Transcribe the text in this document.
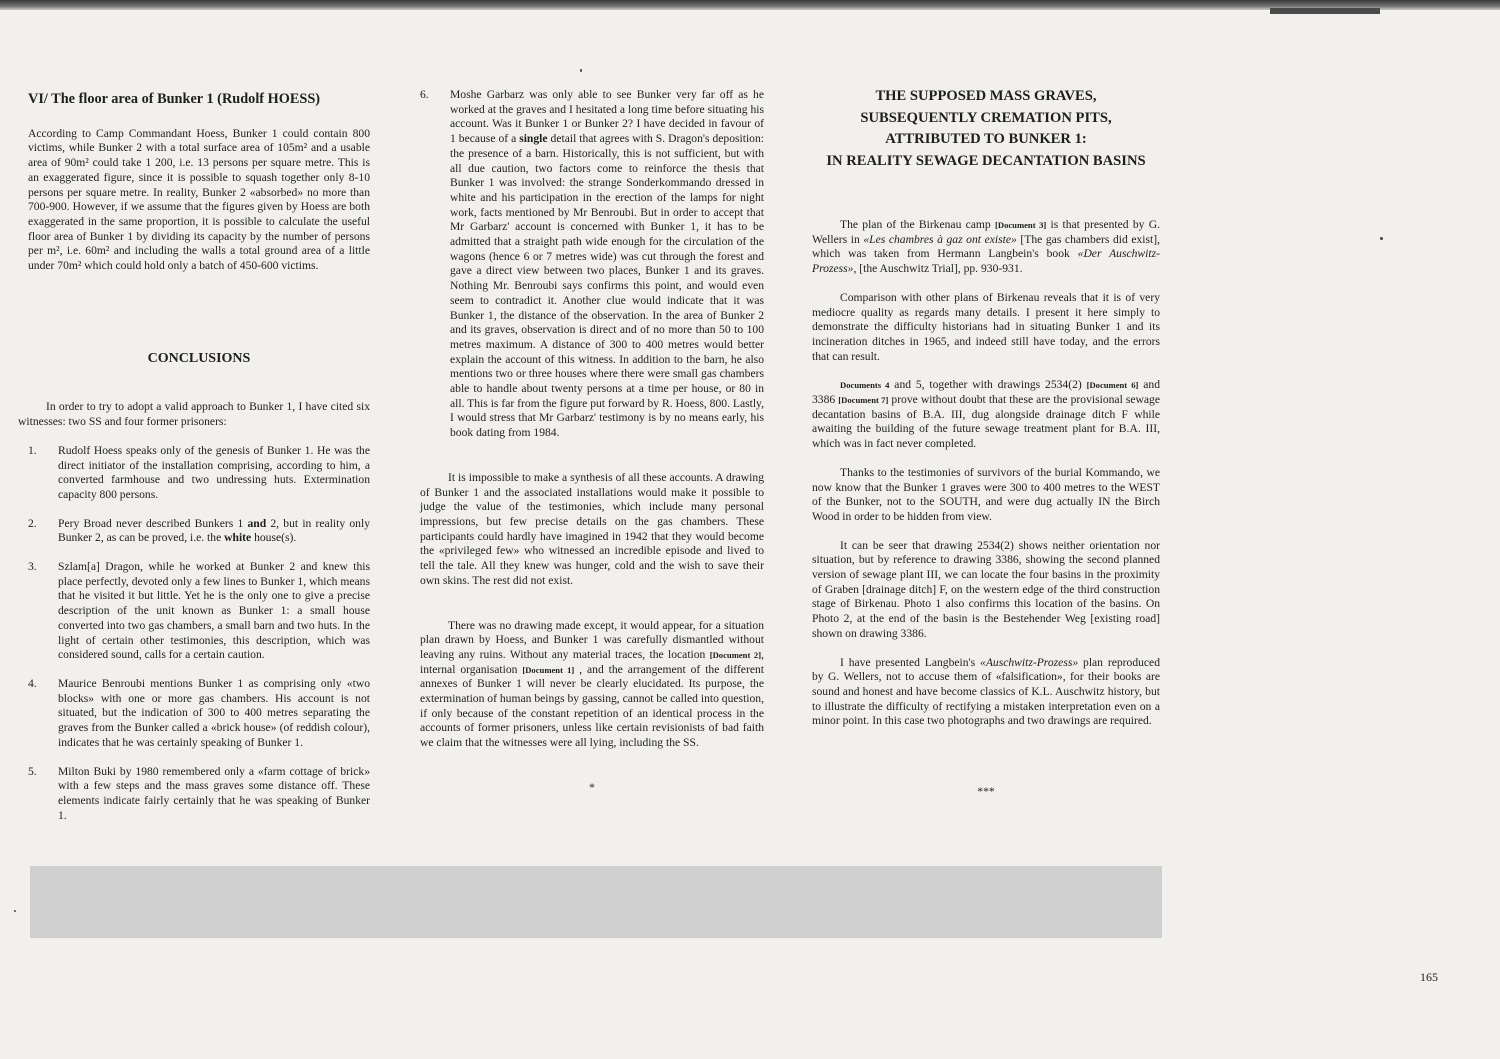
VI/ The floor area of Bunker 1 (Rudolf HOESS)

According to Camp Commandant Hoess, Bunker 1 could contain 800 victims, while Bunker 2 with a total surface area of 105m² and a usable area of 90m² could take 1 200, i.e. 13 persons per square metre. This is an exaggerated figure, since it is possible to squash together only 8-10 persons per square metre. In reality, Bunker 2 «absorbed» no more than 700-900. However, if we assume that the figures given by Hoess are both exaggerated in the same proportion, it is possible to calculate the useful floor area of Bunker 1 by dividing its capacity by the number of persons per m², i.e. 60m² and including the walls a total ground area of a little under 70m² which could hold only a batch of 450-600 victims.

CONCLUSIONS

In order to try to adopt a valid approach to Bunker 1, I have cited six witnesses: two SS and four former prisoners:

1.	Rudolf Hoess speaks only of the genesis of Bunker 1. He was the direct initiator of the installation comprising, according to him, a converted farmhouse and two undressing huts. Extermination capacity 800 persons.
2.	Pery Broad never described Bunkers 1 and 2, but in reality only Bunker 2, as can be proved, i.e. the white house(s).
3.	Szlam[a] Dragon, while he worked at Bunker 2 and knew this place perfectly, devoted only a few lines to Bunker 1, which means that he visited it but little. Yet he is the only one to give a precise description of the unit known as Bunker 1: a small house converted into two gas chambers, a small barn and two huts. In the light of certain other testimonies, this description, which was considered sound, calls for a certain caution.
4.	Maurice Benroubi mentions Bunker 1 as comprising only «two blocks» with one or more gas chambers. His account is not situated, but the indication of 300 to 400 metres separating the graves from the Bunker called a «brick house» (of reddish colour), indicates that he was certainly speaking of Bunker 1.
5.	Milton Buki by 1980 remembered only a «farm cottage of brick» with a few steps and the mass graves some distance off. These elements indicate fairly certainly that he was speaking of Bunker 1.
6.	Moshe Garbarz was only able to see Bunker very far off as he worked at the graves and I hesitated a long time before situating his account. Was it Bunker 1 or Bunker 2? I have decided in favour of 1 because of a single detail that agrees with S. Dragon's deposition: the presence of a barn. Historically, this is not sufficient, but with all due caution, two factors come to reinforce the thesis that Bunker 1 was involved: the strange Sonderkommando dressed in white and his participation in the erection of the lamps for night work, facts mentioned by Mr Benroubi. But in order to accept that Mr Garbarz' account is concerned with Bunker 1, it has to be admitted that a straight path wide enough for the circulation of the wagons (hence 6 or 7 metres wide) was cut through the forest and gave a direct view between two places, Bunker 1 and its graves. Nothing Mr. Benroubi says confirms this point, and would even seem to contradict it. Another clue would indicate that it was Bunker 1, the distance of the observation. In the area of Bunker 2 and its graves, observation is direct and of no more than 50 to 100 metres maximum. A distance of 300 to 400 metres would better explain the account of this witness. In addition to the barn, he also mentions two or three houses where there were small gas chambers able to handle about twenty persons at a time per house, or 80 in all. This is far from the figure put forward by R. Hoess, 800. Lastly, I would stress that Mr Garbarz' testimony is by no means early, his book dating from 1984.

It is impossible to make a synthesis of all these accounts. A drawing of Bunker 1 and the associated installations would make it possible to judge the value of the testimonies, which include many personal impressions, but few precise details on the gas chambers. These participants could hardly have imagined in 1942 that they would become the «privileged few» who witnessed an incredible episode and lived to tell the tale. All they knew was hunger, cold and the wish to save their own skins. The rest did not exist.

There was no drawing made except, it would appear, for a situation plan drawn by Hoess, and Bunker 1 was carefully dismantled without leaving any ruins. Without any material traces, the location [Document 2], internal organisation [Document 1] , and the arrangement of the different annexes of Bunker 1 will never be clearly elucidated. Its purpose, the extermination of human beings by gassing, cannot be called into question, if only because of the constant repetition of an identical process in the accounts of former prisoners, unless like certain revisionists of bad faith we claim that the witnesses were all lying, including the SS.

*
THE SUPPOSED MASS GRAVES,
SUBSEQUENTLY CREMATION PITS,
ATTRIBUTED TO BUNKER 1:
IN REALITY SEWAGE DECANTATION BASINS

The plan of the Birkenau camp [Document 3] is that presented by G. Wellers in «Les chambres à gaz ont existe» [The gas chambers did exist], which was taken from Hermann Langbein's book «Der Auschwitz-Prozess», [the Auschwitz Trial], pp. 930-931.

Comparison with other plans of Birkenau reveals that it is of very mediocre quality as regards many details. I present it here simply to demonstrate the difficulty historians had in situating Bunker 1 and its incineration ditches in 1965, and indeed still have today, and the errors that can result.

Documents 4 and 5, together with drawings 2534(2) [Document 6] and 3386 [Document 7] prove without doubt that these are the provisional sewage decantation basins of B.A. III, dug alongside drainage ditch F while awaiting the building of the future sewage treatment plant for B.A. III, which was in fact never completed.

Thanks to the testimonies of survivors of the burial Kommando, we now know that the Bunker 1 graves were 300 to 400 metres to the WEST of the Bunker, not to the SOUTH, and were dug actually IN the Birch Wood in order to be hidden from view.

It can be seer that drawing 2534(2) shows neither orientation nor situation, but by reference to drawing 3386, showing the second planned version of sewage plant III, we can locate the four basins in the proximity of Graben [drainage ditch] F, on the western edge of the third construction stage of Birkenau. Photo 1 also confirms this location of the basins. On Photo 2, at the end of the basin is the Bestehender Weg [existing road] shown on drawing 3386.

I have presented Langbein's «Auschwitz-Prozess» plan reproduced by G. Wellers, not to accuse them of «falsification», for their books are sound and honest and have become classics of K.L. Auschwitz history, but to illustrate the difficulty of rectifying a mistaken interpretation even on a minor point. In this case two photographs and two drawings are required.

***
165
